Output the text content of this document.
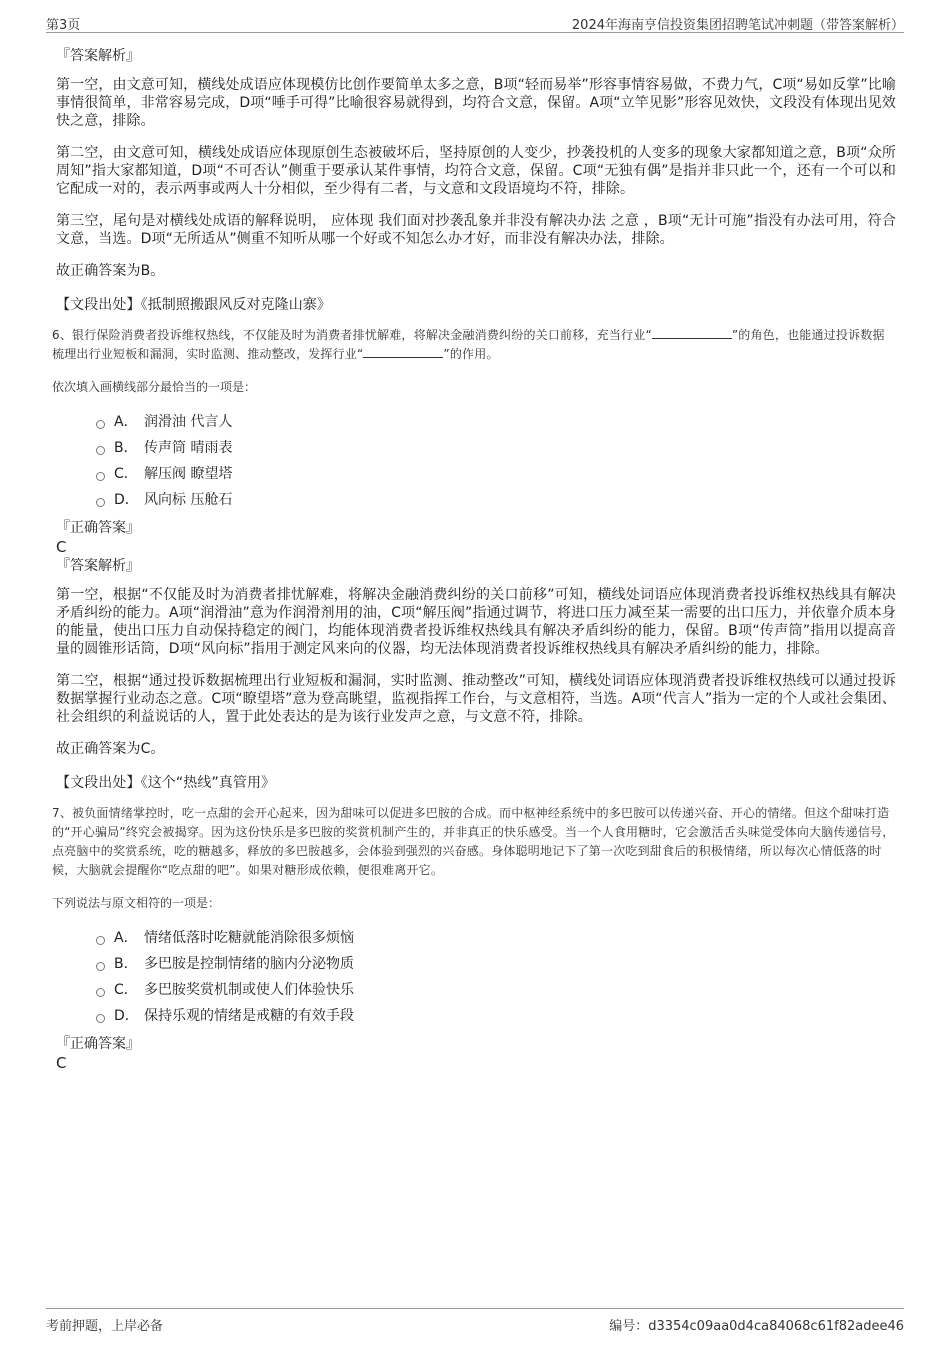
第3页	2024年海南亨信投资集团招聘笔试冲刺题（带答案解析）

『答案解析』

第一空，由文意可知，横线处成语应体现模仿比创作要简单太多之意，B项“轻而易举”形容事情容易做，不费力气，C项“易如反掌”比喻事情很简单，非常容易完成，D项“唾手可得”比喻很容易就得到，均符合文意，保留。A项“立竿见影”形容见效快，文段没有体现出见效快之意，排除。

第二空，由文意可知，横线处成语应体现原创生态被破坏后，坚持原创的人变少，抄袭投机的人变多的现象大家都知道之意，B项“众所周知”指大家都知道，D项“不可否认”侧重于要承认某件事情，均符合文意，保留。C项“无独有偶”是指并非只此一个，还有一个可以和它配成一对的，表示两事或两人十分相似，至少得有二者，与文意和文段语境均不符，排除。

第三空，尾句是对横线处成语的解释说明， 应体现 我们面对抄袭乱象并非没有解决办法 之意 ，B项“无计可施”指没有办法可用，符合文意，当选。D项“无所适从”侧重不知听从哪一个好或不知怎么办才好，而非没有解决办法，排除。

故正确答案为B。

【文段出处】《抵制照搬跟风反对克隆山寨》

6、银行保险消费者投诉维权热线，不仅能及时为消费者排忧解难，将解决金融消费纠纷的关口前移，充当行业“	”的角色，也能通过投诉数据梳理出行业短板和漏洞，实时监测、推动整改，发挥行业“	”的作用。

依次填入画横线部分最恰当的一项是：

A． 润滑油 代言人
B． 传声筒 晴雨表
C． 解压阀 瞭望塔
D． 风向标 压舱石

『正确答案』

C

『答案解析』

第一空，根据“不仅能及时为消费者排忧解难，将解决金融消费纠纷的关口前移”可知，横线处词语应体现消费者投诉维权热线具有解决矛盾纠纷的能力。A项“润滑油”意为作润滑剂用的油，C项“解压阀”指通过调节，将进口压力减至某一需要的出口压力，并依靠介质本身的能量，使出口压力自动保持稳定的阀门，均能体现消费者投诉维权热线具有解决矛盾纠纷的能力，保留。B项“传声筒”指用以提高音量的圆锥形话筒，D项“风向标”指用于测定风来向的仪器，均无法体现消费者投诉维权热线具有解决矛盾纠纷的能力，排除。

第二空，根据“通过投诉数据梳理出行业短板和漏洞，实时监测、推动整改”可知，横线处词语应体现消费者投诉维权热线可以通过投诉数据掌握行业动态之意。C项“瞭望塔”意为登高眺望，监视指挥工作台，与文意相符，当选。A项“代言人”指为一定的个人或社会集团、社会组织的利益说话的人，置于此处表达的是为该行业发声之意，与文意不符，排除。

故正确答案为C。

【文段出处】《这个“热线”真管用》

7、被负面情绪掌控时，吃一点甜的会开心起来，因为甜味可以促进多巴胺的合成。而中枢神经系统中的多巴胺可以传递兴奋、开心的情绪。但这个甜味打造的“开心骗局”终究会被揭穿。因为这份快乐是多巴胺的奖赏机制产生的，并非真正的快乐感受。当一个人食用糖时，它会激活舌头味觉受体向大脑传递信号，点亮脑中的奖赏系统，吃的糖越多，释放的多巴胺越多，会体验到强烈的兴奋感。身体聪明地记下了第一次吃到甜食后的积极情绪，所以每次心情低落的时候，大脑就会提醒你“吃点甜的吧”。如果对糖形成依赖，便很难离开它。

下列说法与原文相符的一项是：

A． 情绪低落时吃糖就能消除很多烦恼
B． 多巴胺是控制情绪的脑内分泌物质
C． 多巴胺奖赏机制或使人们体验快乐
D． 保持乐观的情绪是戒糖的有效手段

『正确答案』

C

考前押题，上岸必备	编号：d3354c09aa0d4ca84068c61f82adee46
